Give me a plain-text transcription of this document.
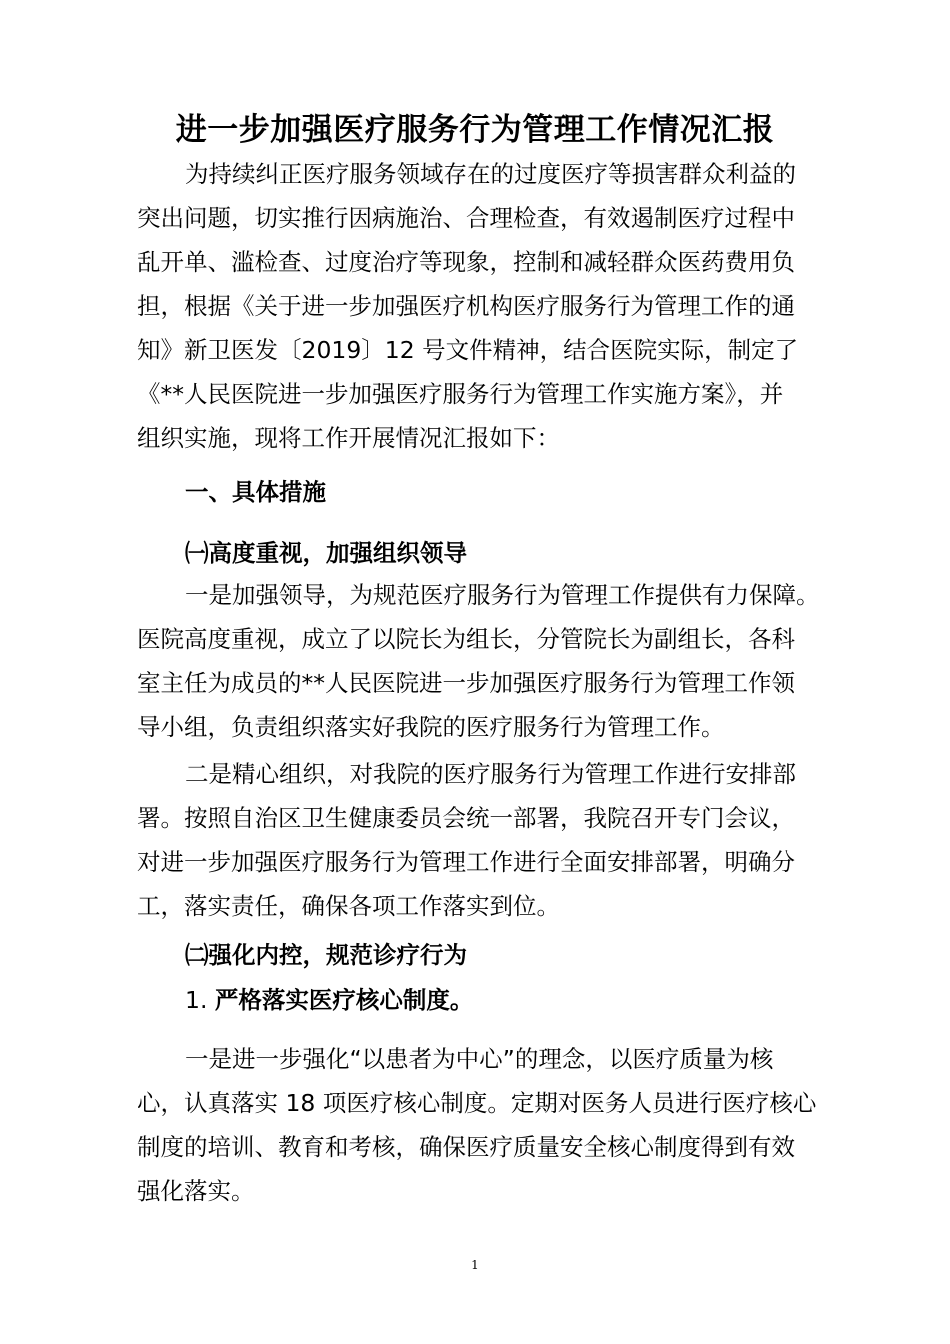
进一步加强医疗服务行为管理工作情况汇报
为持续纠正医疗服务领域存在的过度医疗等损害群众利益的
突出问题，切实推行因病施治、合理检查，有效遏制医疗过程中
乱开单、滥检查、过度治疗等现象，控制和减轻群众医药费用负
担，根据《关于进一步加强医疗机构医疗服务行为管理工作的通
知》新卫医发〔2019〕12 号文件精神，结合医院实际，制定了
《**人民医院进一步加强医疗服务行为管理工作实施方案》，并
组织实施，现将工作开展情况汇报如下：
一、具体措施
㈠高度重视，加强组织领导
一是加强领导，为规范医疗服务行为管理工作提供有力保障。
医院高度重视，成立了以院长为组长，分管院长为副组长，各科
室主任为成员的**人民医院进一步加强医疗服务行为管理工作领
导小组，负责组织落实好我院的医疗服务行为管理工作。
二是精心组织，对我院的医疗服务行为管理工作进行安排部
署。按照自治区卫生健康委员会统一部署，我院召开专门会议，
对进一步加强医疗服务行为管理工作进行全面安排部署，明确分
工，落实责任，确保各项工作落实到位。
㈡强化内控，规范诊疗行为
1. 严格落实医疗核心制度。
一是进一步强化“以患者为中心”的理念，以医疗质量为核
心，认真落实 18 项医疗核心制度。定期对医务人员进行医疗核心
制度的培训、教育和考核，确保医疗质量安全核心制度得到有效
强化落实。
1
